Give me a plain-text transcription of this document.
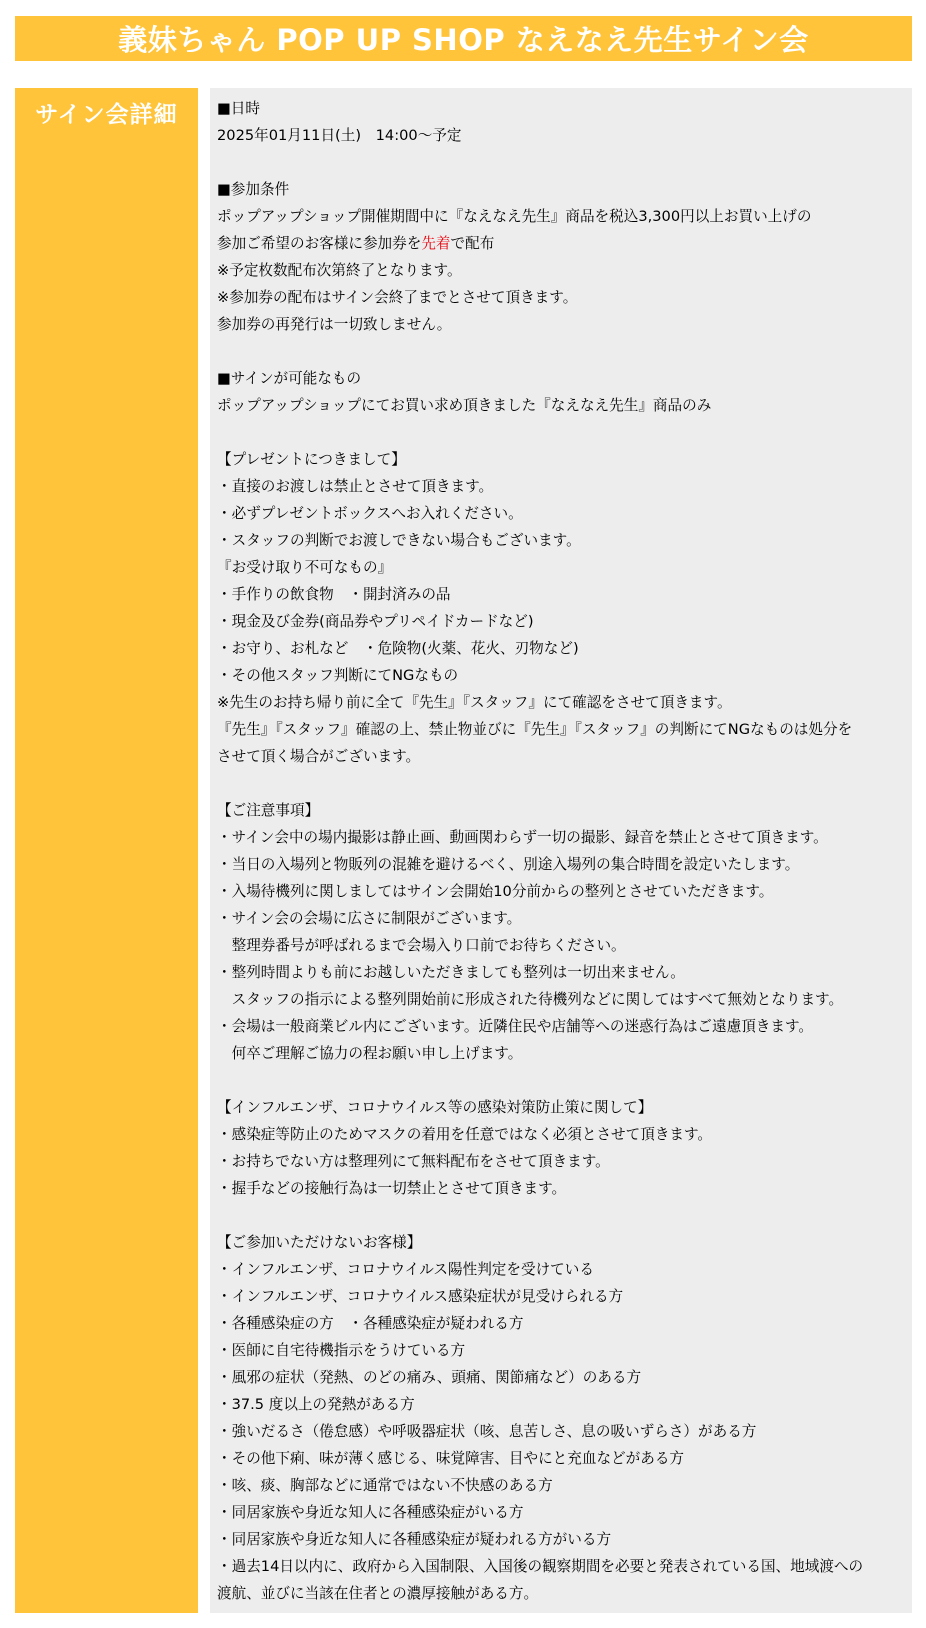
義妹ちゃん POP UP SHOP なえなえ先生サイン会
サイン会詳細	■日時
2025年01月11日(土)　14:00～予定
■参加条件
ポップアップショップ開催期間中に『なえなえ先生』商品を税込3,300円以上お買い上げの
参加ご希望のお客様に参加券を先着で配布
※予定枚数配布次第終了となります。
※参加券の配布はサイン会終了までとさせて頂きます。
参加券の再発行は一切致しません。
■サインが可能なもの
ポップアップショップにてお買い求め頂きました『なえなえ先生』商品のみ
【プレゼントにつきまして】
・直接のお渡しは禁止とさせて頂きます。
・必ずプレゼントボックスへお入れください。
・スタッフの判断でお渡しできない場合もございます。
『お受け取り不可なもの』
・手作りの飲食物　・開封済みの品
・現金及び金券(商品券やプリペイドカードなど)
・お守り、お札など　・危険物(火薬、花火、刃物など)
・その他スタッフ判断にてNGなもの
※先生のお持ち帰り前に全て『先生』『スタッフ』にて確認をさせて頂きます。
『先生』『スタッフ』確認の上、禁止物並びに『先生』『スタッフ』の判断にてNGなものは処分を
させて頂く場合がございます。
【ご注意事項】
・サイン会中の場内撮影は静止画、動画関わらず一切の撮影、録音を禁止とさせて頂きます。
・当日の入場列と物販列の混雑を避けるべく、別途入場列の集合時間を設定いたします。
・入場待機列に関しましてはサイン会開始10分前からの整列とさせていただきます。
・サイン会の会場に広さに制限がございます。
　整理券番号が呼ばれるまで会場入り口前でお待ちください。
・整列時間よりも前にお越しいただきましても整列は一切出来ません。
　スタッフの指示による整列開始前に形成された待機列などに関してはすべて無効となります。
・会場は一般商業ビル内にございます。近隣住民や店舗等への迷惑行為はご遠慮頂きます。
　何卒ご理解ご協力の程お願い申し上げます。
【インフルエンザ、コロナウイルス等の感染対策防止策に関して】
・感染症等防止のためマスクの着用を任意ではなく必須とさせて頂きます。
・お持ちでない方は整理列にて無料配布をさせて頂きます。
・握手などの接触行為は一切禁止とさせて頂きます。
【ご参加いただけないお客様】
・インフルエンザ、コロナウイルス陽性判定を受けている
・インフルエンザ、コロナウイルス感染症状が見受けられる方
・各種感染症の方　・各種感染症が疑われる方
・医師に自宅待機指示をうけている方
・風邪の症状（発熱、のどの痛み、頭痛、関節痛など）のある方
・37.5 度以上の発熱がある方
・強いだるさ（倦怠感）や呼吸器症状（咳、息苦しさ、息の吸いずらさ）がある方
・その他下痢、味が薄く感じる、味覚障害、目やにと充血などがある方
・咳、痰、胸部などに通常ではない不快感のある方
・同居家族や身近な知人に各種感染症がいる方
・同居家族や身近な知人に各種感染症が疑われる方がいる方
・過去14日以内に、政府から入国制限、入国後の観察期間を必要と発表されている国、地域渡への
渡航、並びに当該在住者との濃厚接触がある方。
